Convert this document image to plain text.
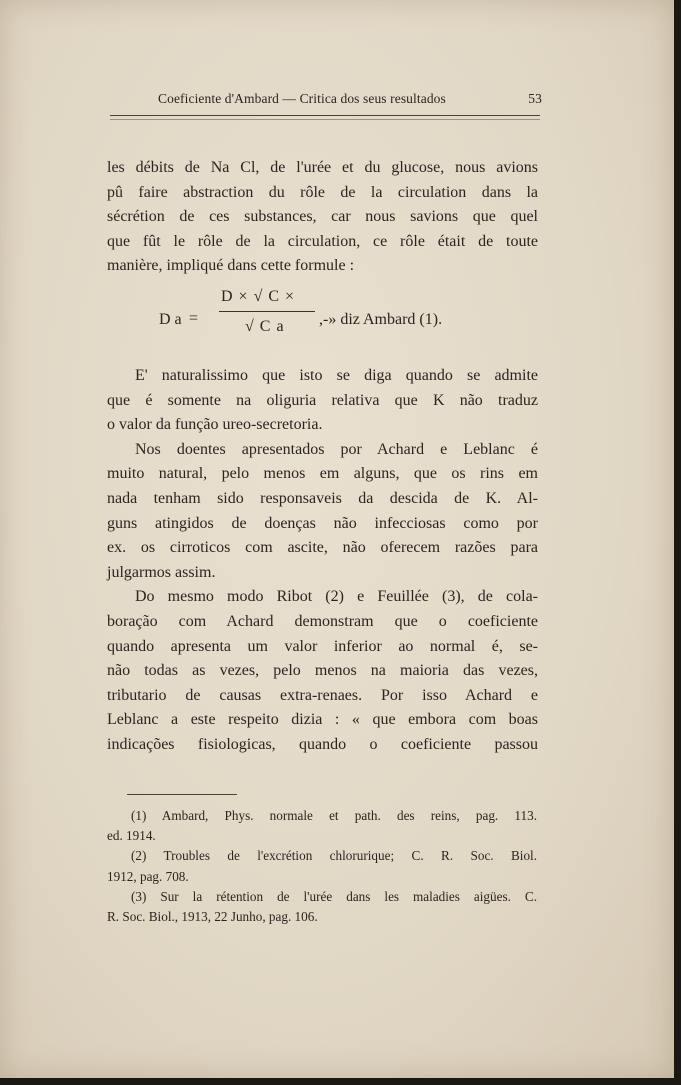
Coeficiente d'Ambard — Critica dos seus resultados	53

les débits de Na Cl, de l'urée et du glucose, nous avions

pû faire abstraction du rôle de la circulation dans la

sécrétion de ces substances, car nous savions que quel

que fût le rôle de la circulation, ce rôle était de toute

manière, impliqué dans cette formule :

D a =
D × √ C ×
√ C a ,-» diz Ambard (1).

E' naturalissimo que isto se diga quando se admite

que é somente na oliguria relativa que K não traduz

o valor da função ureo-secretoria.

Nos doentes apresentados por Achard e Leblanc é

muito natural, pelo menos em alguns, que os rins em

nada tenham sido responsaveis da descida de K. Al-

guns atingidos de doenças não infecciosas como por

ex. os cirroticos com ascite, não oferecem razões para

julgarmos assim.

Do mesmo modo Ribot (2) e Feuillée (3), de cola-

boração com Achard demonstram que o coeficiente

quando apresenta um valor inferior ao normal é, se-

não todas as vezes, pelo menos na maioria das vezes,

tributario de causas extra-renaes. Por isso Achard e

Leblanc a este respeito dizia : « que embora com boas

indicações fisiologicas, quando o coeficiente passou

(1) Ambard, Phys. normale et path. des reins, pag. 113.

ed. 1914.

(2) Troubles de l'excrétion chlorurique; C. R. Soc. Biol.

1912, pag. 708.

(3) Sur la rétention de l'urée dans les maladies aigües. C.

R. Soc. Biol., 1913, 22 Junho, pag. 106.
